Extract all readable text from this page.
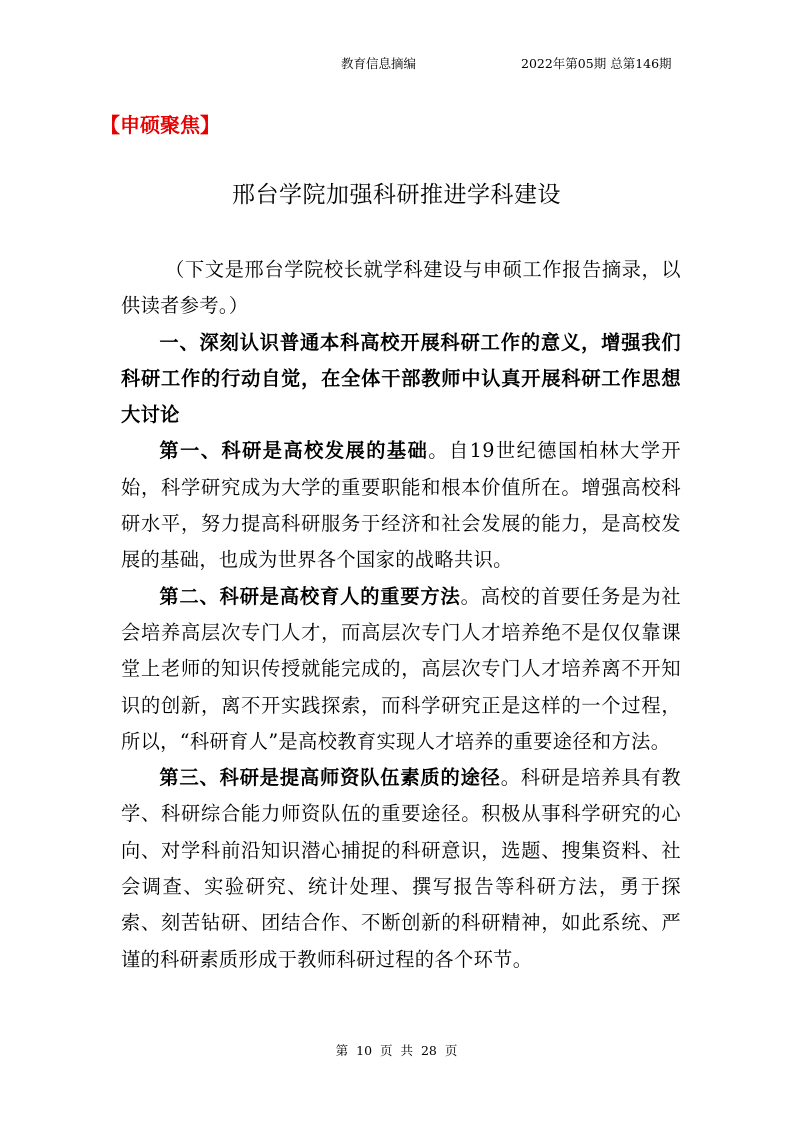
教育信息摘编	2022年第05期 总第146期
【申硕聚焦】
邢台学院加强科研推进学科建设

（下文是邢台学院校长就学科建设与申硕工作报告摘录，以供读者参考。）

一、深刻认识普通本科高校开展科研工作的意义，增强我们科研工作的行动自觉，在全体干部教师中认真开展科研工作思想大讨论

第一、科研是高校发展的基础。自19世纪德国柏林大学开始，科学研究成为大学的重要职能和根本价值所在。增强高校科研水平，努力提高科研服务于经济和社会发展的能力，是高校发展的基础，也成为世界各个国家的战略共识。

第二、科研是高校育人的重要方法。高校的首要任务是为社会培养高层次专门人才，而高层次专门人才培养绝不是仅仅靠课堂上老师的知识传授就能完成的，高层次专门人才培养离不开知识的创新，离不开实践探索，而科学研究正是这样的一个过程，所以，“科研育人”是高校教育实现人才培养的重要途径和方法。

第三、科研是提高师资队伍素质的途径。科研是培养具有教学、科研综合能力师资队伍的重要途径。积极从事科学研究的心向、对学科前沿知识潜心捕捉的科研意识，选题、搜集资料、社会调查、实验研究、统计处理、撰写报告等科研方法，勇于探索、刻苦钻研、团结合作、不断创新的科研精神，如此系统、严谨的科研素质形成于教师科研过程的各个环节。

第 10 页 共 28 页
